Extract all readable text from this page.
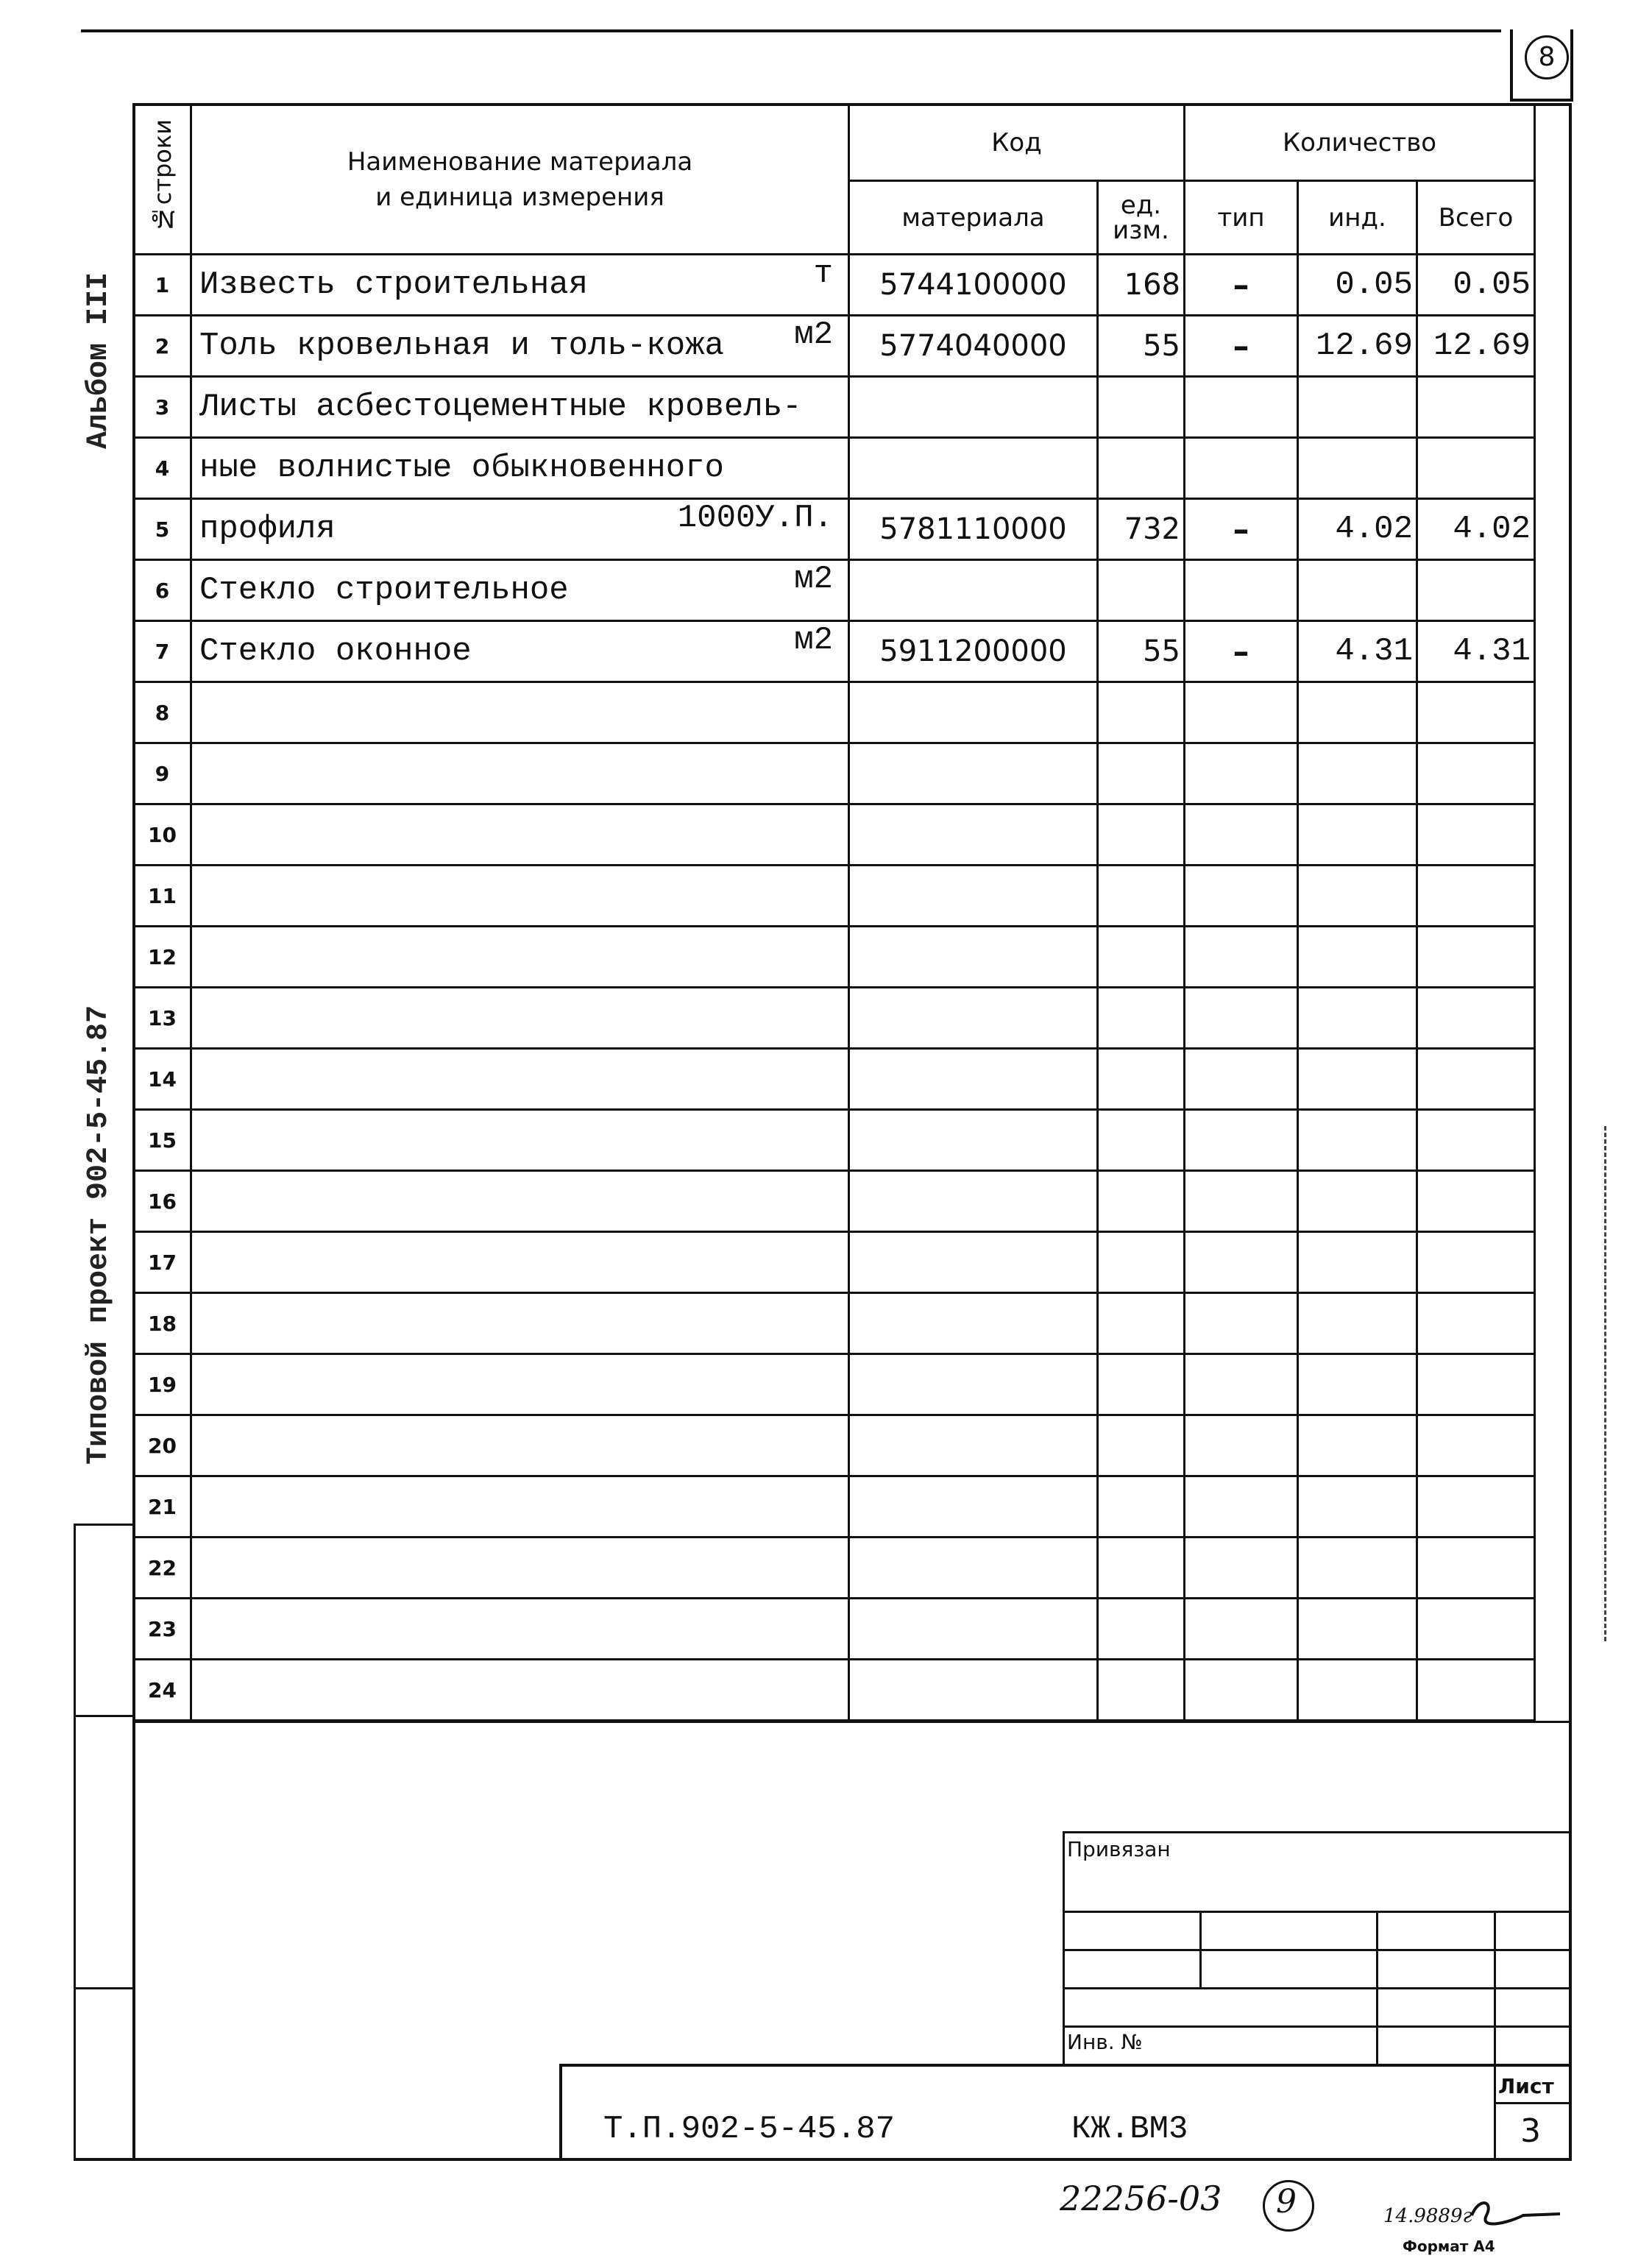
8
Альбом III
Типовой проект 902-5-45.87
№строки	Наименование материала
и единица измерения	Код		Количество		
		материала	ед. изм.	тип	инд.	Всего
1	Известь строительная т	5744100000	168	–	0.05	0.05
2	Толь кровельная и толь-кожа м2	5774040000	55	–	12.69	12.69
3	Листы асбестоцементные кровель-

4	ные волнистые обыкновенного

5	профиля 1000У.П.	5781110000	732	–	4.02	4.02
6	Стекло строительное м2					

7	Стекло оконное м2	5911200000	55	–	4.31	4.31
8	

9	

10	

11	

12	

13	

14	

15	

16	

17	

18	

19	

20	

21	

22	

23	

24	

Привязан
Инв. №
Лист
3
Т.П.902-5-45.87	КЖ.ВМ3
22256-03 9	14.9889г
Формат А4
